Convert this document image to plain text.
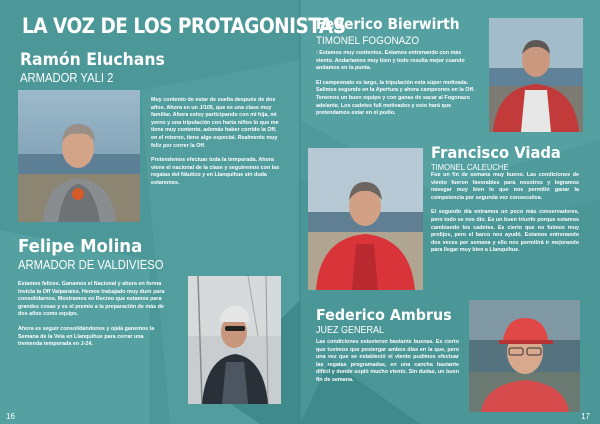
LA VOZ DE LOS PROTAGONISTAS
Ramón Eluchans
ARMADOR YALI 2

Muy contento de estar de vuelta después de dos años. Ahora en un J/105, que es una clase muy familiar. Ahora estoy participando con mi hija, mi yerno y una tripulación con harta niños lo que me tiene muy contento, además haber corrido la Off, en el retorno, tiene algo especial. Realmente muy feliz por correr la Off.

Pretendemos efectuar toda la temporada. Ahora viene el nacional de la clase y seguiremos con las regatas del Náutico y en Llanquihue sin duda estaremos.

Felipe Molina
ARMADOR DE VALDIVIESO

Estamos felices. Ganamos el Nacional y ahora en forma invicta la Off Valparaíso. Hemos trabajado muy duro para consolidarnos. Mostramos en Recreo que estamos para grandes cosas y es el premio a la preparación de más de dos años como equipo.

Ahora es seguir consolidándonos y ojalá ganemos la Semana de la Vela en Llanquihue para cerrar una tremenda temporada en J-24.

16
Federico Bierwirth
TIMONEL FOGONAZO

: Estamos muy contentos. Estamos entrenando con más viento. Andaríamos muy bien y todo resulta mejor cuando andamos en la punta.

El campeonato es largo, la tripulación esta súper motivada. Salimos segundo en la Apertura y ahora campeones en la Off. Tenemos un buen equipo y con ganas de sacar al Fogonazo adelante. Los cadetes full motivados y esto hará que pretendamos estar en el podio.

Francisco Viada
TIMONEL CALEUCHE

Fue un fin de semana muy bueno. Las condiciones de viento fueron favorables para nosotros y logramos navegar muy bien lo que nos permitió ganar la competencia por segunda vez consecutiva.

El segundo día entramos un poco más conservadores, pero todo se nos dio. Es un buen triunfo porque estamos cambiando los cadetes. Es cierto que no fuimos muy prolijos, pero el barco nos ayudó. Estamos entrenando dos veces por semana y ello nos permitirá ir mejorando para llegar muy bien a Llanquihue.

Federico Ambrus
JUEZ GENERAL

Las condiciones estuvieron bastante buenas. Es cierto que tuvimos que postergar ambos días en la que, pero una vez que se estableció el viento pudimos efectuar las regatas programadas, en una cancha bastante difícil y donde sopló mucho viento. Sin dudas, un buen fin de semana.

17
